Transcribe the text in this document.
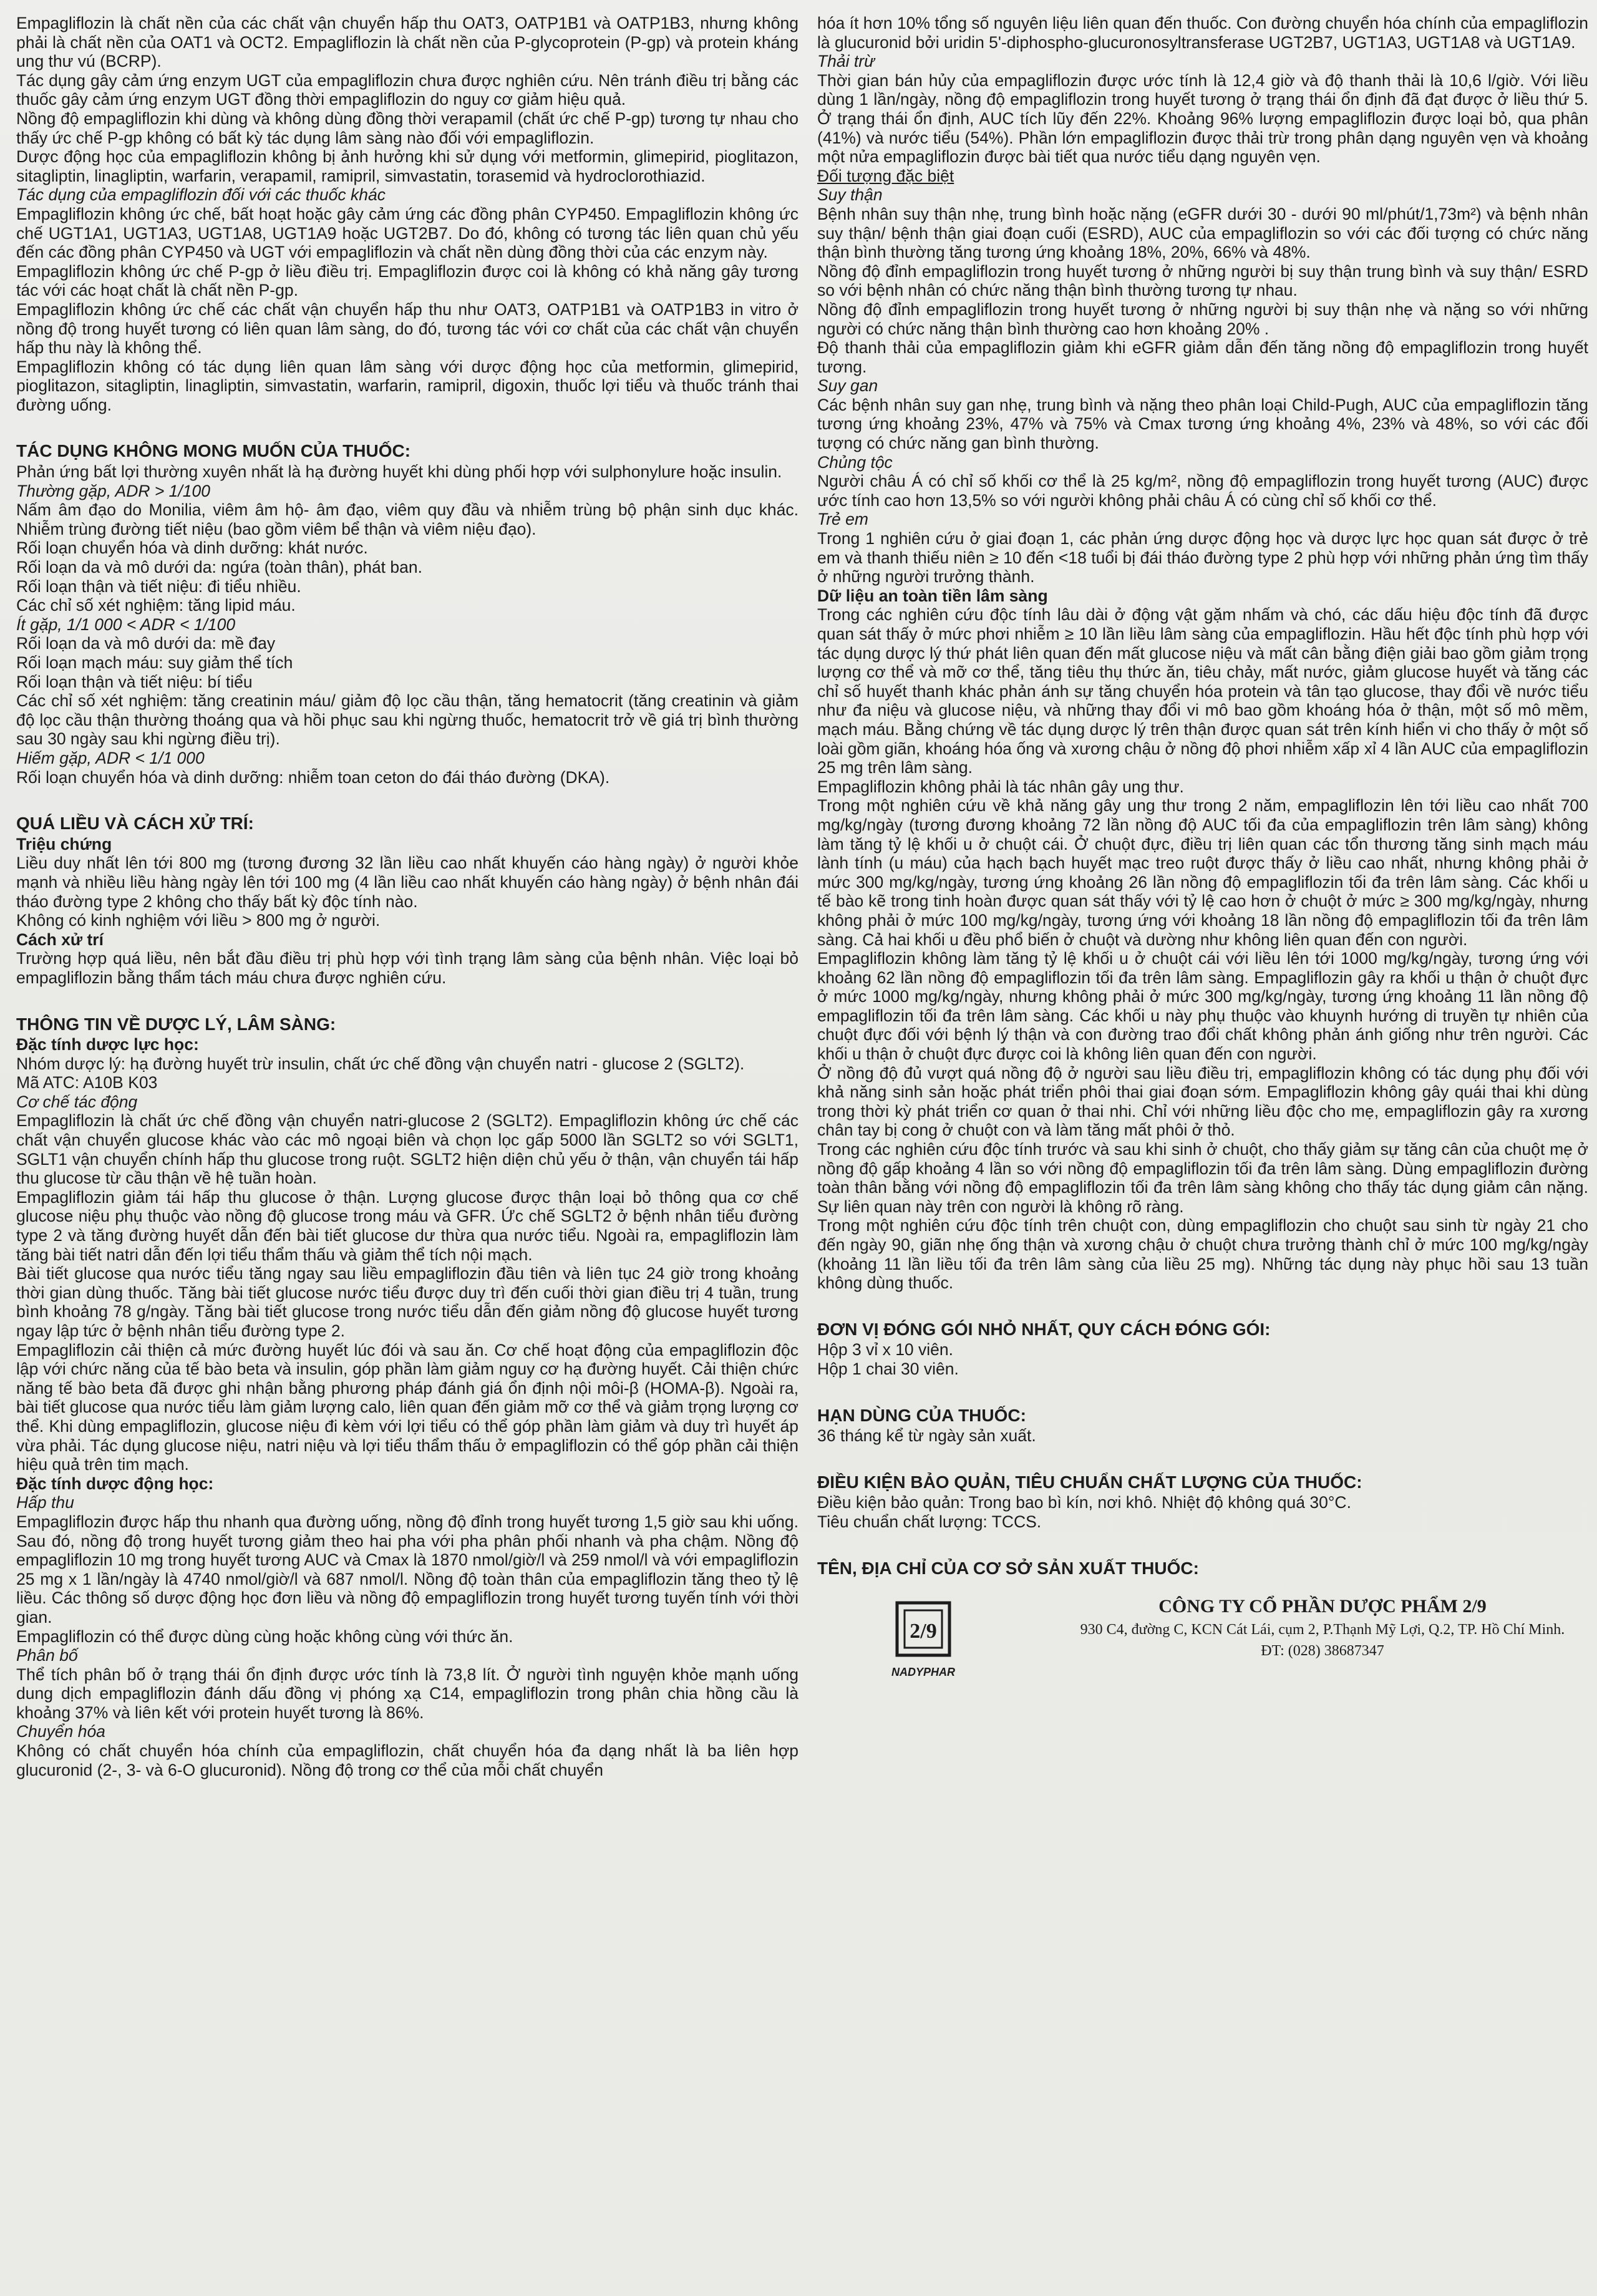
Empagliflozin là chất nền của các chất vận chuyển hấp thu OAT3, OATP1B1 và OATP1B3, nhưng không phải là chất nền của OAT1 và OCT2. Empagliflozin là chất nền của P-glycoprotein (P-gp) và protein kháng ung thư vú (BCRP).

Tác dụng gây cảm ứng enzym UGT của empagliflozin chưa được nghiên cứu. Nên tránh điều trị bằng các thuốc gây cảm ứng enzym UGT đồng thời empagliflozin do nguy cơ giảm hiệu quả.

Nồng độ empagliflozin khi dùng và không dùng đồng thời verapamil (chất ức chế P-gp) tương tự nhau cho thấy ức chế P-gp không có bất kỳ tác dụng lâm sàng nào đối với empagliflozin.

Dược động học của empagliflozin không bị ảnh hưởng khi sử dụng với metformin, glimepirid, pioglitazon, sitagliptin, linagliptin, warfarin, verapamil, ramipril, simvastatin, torasemid và hydroclorothiazid.

Tác dụng của empagliflozin đối với các thuốc khác

Empagliflozin không ức chế, bất hoạt hoặc gây cảm ứng các đồng phân CYP450. Empagliflozin không ức chế UGT1A1, UGT1A3, UGT1A8, UGT1A9 hoặc UGT2B7. Do đó, không có tương tác liên quan chủ yếu đến các đồng phân CYP450 và UGT với empagliflozin và chất nền dùng đồng thời của các enzym này.

Empagliflozin không ức chế P-gp ở liều điều trị. Empagliflozin được coi là không có khả năng gây tương tác với các hoạt chất là chất nền P-gp.

Empagliflozin không ức chế các chất vận chuyển hấp thu như OAT3, OATP1B1 và OATP1B3 in vitro ở nồng độ trong huyết tương có liên quan lâm sàng, do đó, tương tác với cơ chất của các chất vận chuyển hấp thu này là không thể.

Empagliflozin không có tác dụng liên quan lâm sàng với dược động học của metformin, glimepirid, pioglitazon, sitagliptin, linagliptin, simvastatin, warfarin, ramipril, digoxin, thuốc lợi tiểu và thuốc tránh thai đường uống.

TÁC DỤNG KHÔNG MONG MUỐN CỦA THUỐC:

Phản ứng bất lợi thường xuyên nhất là hạ đường huyết khi dùng phối hợp với sulphonylure hoặc insulin.

Thường gặp, ADR > 1/100

Nấm âm đạo do Monilia, viêm âm hộ- âm đạo, viêm quy đầu và nhiễm trùng bộ phận sinh dục khác. Nhiễm trùng đường tiết niệu (bao gồm viêm bể thận và viêm niệu đạo).

Rối loạn chuyển hóa và dinh dưỡng: khát nước.

Rối loạn da và mô dưới da: ngứa (toàn thân), phát ban.

Rối loạn thận và tiết niệu: đi tiểu nhiều.

Các chỉ số xét nghiệm: tăng lipid máu.

Ít gặp, 1/1 000 < ADR < 1/100

Rối loạn da và mô dưới da: mề đay

Rối loạn mạch máu: suy giảm thể tích

Rối loạn thận và tiết niệu: bí tiểu

Các chỉ số xét nghiệm: tăng creatinin máu/ giảm độ lọc cầu thận, tăng hematocrit (tăng creatinin và giảm độ lọc cầu thận thường thoáng qua và hồi phục sau khi ngừng thuốc, hematocrit trở về giá trị bình thường sau 30 ngày sau khi ngừng điều trị).

Hiếm gặp, ADR < 1/1 000

Rối loạn chuyển hóa và dinh dưỡng: nhiễm toan ceton do đái tháo đường (DKA).

QUÁ LIỀU VÀ CÁCH XỬ TRÍ:

Triệu chứng

Liều duy nhất lên tới 800 mg (tương đương 32 lần liều cao nhất khuyến cáo hàng ngày) ở người khỏe mạnh và nhiều liều hàng ngày lên tới 100 mg (4 lần liều cao nhất khuyến cáo hàng ngày) ở bệnh nhân đái tháo đường type 2 không cho thấy bất kỳ độc tính nào.

Không có kinh nghiệm với liều > 800 mg ở người.

Cách xử trí

Trường hợp quá liều, nên bắt đầu điều trị phù hợp với tình trạng lâm sàng của bệnh nhân. Việc loại bỏ empagliflozin bằng thẩm tách máu chưa được nghiên cứu.

THÔNG TIN VỀ DƯỢC LÝ, LÂM SÀNG:

Đặc tính dược lực học:

Nhóm dược lý: hạ đường huyết trừ insulin, chất ức chế đồng vận chuyển natri - glucose 2 (SGLT2).

Mã ATC: A10B K03

Cơ chế tác động

Empagliflozin là chất ức chế đồng vận chuyển natri-glucose 2 (SGLT2). Empagliflozin không ức chế các chất vận chuyển glucose khác vào các mô ngoại biên và chọn lọc gấp 5000 lần SGLT2 so với SGLT1, SGLT1 vận chuyển chính hấp thu glucose trong ruột. SGLT2 hiện diện chủ yếu ở thận, vận chuyển tái hấp thu glucose từ cầu thận về hệ tuần hoàn.

Empagliflozin giảm tái hấp thu glucose ở thận. Lượng glucose được thận loại bỏ thông qua cơ chế glucose niệu phụ thuộc vào nồng độ glucose trong máu và GFR. Ức chế SGLT2 ở bệnh nhân tiểu đường type 2 và tăng đường huyết dẫn đến bài tiết glucose dư thừa qua nước tiểu. Ngoài ra, empagliflozin làm tăng bài tiết natri dẫn đến lợi tiểu thẩm thấu và giảm thể tích nội mạch.

Bài tiết glucose qua nước tiểu tăng ngay sau liều empagliflozin đầu tiên và liên tục 24 giờ trong khoảng thời gian dùng thuốc. Tăng bài tiết glucose nước tiểu được duy trì đến cuối thời gian điều trị 4 tuần, trung bình khoảng 78 g/ngày. Tăng bài tiết glucose trong nước tiểu dẫn đến giảm nồng độ glucose huyết tương ngay lập tức ở bệnh nhân tiểu đường type 2.

Empagliflozin cải thiện cả mức đường huyết lúc đói và sau ăn. Cơ chế hoạt động của empagliflozin độc lập với chức năng của tế bào beta và insulin, góp phần làm giảm nguy cơ hạ đường huyết. Cải thiện chức năng tế bào beta đã được ghi nhận bằng phương pháp đánh giá ổn định nội môi-β (HOMA-β). Ngoài ra, bài tiết glucose qua nước tiểu làm giảm lượng calo, liên quan đến giảm mỡ cơ thể và giảm trọng lượng cơ thể. Khi dùng empagliflozin, glucose niệu đi kèm với lợi tiểu có thể góp phần làm giảm và duy trì huyết áp vừa phải. Tác dụng glucose niệu, natri niệu và lợi tiểu thẩm thấu ở empagliflozin có thể góp phần cải thiện hiệu quả trên tim mạch.

Đặc tính dược động học:

Hấp thu

Empagliflozin được hấp thu nhanh qua đường uống, nồng độ đỉnh trong huyết tương 1,5 giờ sau khi uống. Sau đó, nồng độ trong huyết tương giảm theo hai pha với pha phân phối nhanh và pha chậm. Nồng độ empagliflozin 10 mg trong huyết tương AUC và Cmax là 1870 nmol/giờ/l và 259 nmol/l và với empagliflozin 25 mg x 1 lần/ngày là 4740 nmol/giờ/l và 687 nmol/l. Nồng độ toàn thân của empagliflozin tăng theo tỷ lệ liều. Các thông số dược động học đơn liều và nồng độ empagliflozin trong huyết tương tuyến tính với thời gian.

Empagliflozin có thể được dùng cùng hoặc không cùng với thức ăn.

Phân bố

Thể tích phân bố ở trạng thái ổn định được ước tính là 73,8 lít. Ở người tình nguyện khỏe mạnh uống dung dịch empagliflozin đánh dấu đồng vị phóng xạ C14, empagliflozin trong phân chia hồng cầu là khoảng 37% và liên kết với protein huyết tương là 86%.

Chuyển hóa

Không có chất chuyển hóa chính của empagliflozin, chất chuyển hóa đa dạng nhất là ba liên hợp glucuronid (2-, 3- và 6-O glucuronid). Nồng độ trong cơ thể của mỗi chất chuyển

hóa ít hơn 10% tổng số nguyên liệu liên quan đến thuốc. Con đường chuyển hóa chính của empagliflozin là glucuronid bởi uridin 5'-diphospho-glucuronosyltransferase UGT2B7, UGT1A3, UGT1A8 và UGT1A9.

Thải trừ

Thời gian bán hủy của empagliflozin được ước tính là 12,4 giờ và độ thanh thải là 10,6 l/giờ. Với liều dùng 1 lần/ngày, nồng độ empagliflozin trong huyết tương ở trạng thái ổn định đã đạt được ở liều thứ 5. Ở trạng thái ổn định, AUC tích lũy đến 22%. Khoảng 96% lượng empagliflozin được loại bỏ, qua phân (41%) và nước tiểu (54%). Phần lớn empagliflozin được thải trừ trong phân dạng nguyên vẹn và khoảng một nửa empagliflozin được bài tiết qua nước tiểu dạng nguyên vẹn.

Đối tượng đặc biệt

Suy thận

Bệnh nhân suy thận nhẹ, trung bình hoặc nặng (eGFR dưới 30 - dưới 90 ml/phút/1,73m²) và bệnh nhân suy thận/ bệnh thận giai đoạn cuối (ESRD), AUC của empagliflozin so với các đối tượng có chức năng thận bình thường tăng tương ứng khoảng 18%, 20%, 66% và 48%.

Nồng độ đỉnh empagliflozin trong huyết tương ở những người bị suy thận trung bình và suy thận/ ESRD so với bệnh nhân có chức năng thận bình thường tương tự nhau.

Nồng độ đỉnh empagliflozin trong huyết tương ở những người bị suy thận nhẹ và nặng so với những người có chức năng thận bình thường cao hơn khoảng 20% .

Độ thanh thải của empagliflozin giảm khi eGFR giảm dẫn đến tăng nồng độ empagliflozin trong huyết tương.

Suy gan

Các bệnh nhân suy gan nhẹ, trung bình và nặng theo phân loại Child-Pugh, AUC của empagliflozin tăng tương ứng khoảng 23%, 47% và 75% và Cmax tương ứng khoảng 4%, 23% và 48%, so với các đối tượng có chức năng gan bình thường.

Chủng tộc

Người châu Á có chỉ số khối cơ thể là 25 kg/m², nồng độ empagliflozin trong huyết tương (AUC) được ước tính cao hơn 13,5% so với người không phải châu Á có cùng chỉ số khối cơ thể.

Trẻ em

Trong 1 nghiên cứu ở giai đoạn 1, các phản ứng dược động học và dược lực học quan sát được ở trẻ em và thanh thiếu niên ≥ 10 đến <18 tuổi bị đái tháo đường type 2 phù hợp với những phản ứng tìm thấy ở những người trưởng thành.

Dữ liệu an toàn tiền lâm sàng

Trong các nghiên cứu độc tính lâu dài ở động vật gặm nhấm và chó, các dấu hiệu độc tính đã được quan sát thấy ở mức phơi nhiễm ≥ 10 lần liều lâm sàng của empagliflozin. Hầu hết độc tính phù hợp với tác dụng dược lý thứ phát liên quan đến mất glucose niệu và mất cân bằng điện giải bao gồm giảm trọng lượng cơ thể và mỡ cơ thể, tăng tiêu thụ thức ăn, tiêu chảy, mất nước, giảm glucose huyết và tăng các chỉ số huyết thanh khác phản ánh sự tăng chuyển hóa protein và tân tạo glucose, thay đổi về nước tiểu như đa niệu và glucose niệu, và những thay đổi vi mô bao gồm khoáng hóa ở thận, một số mô mềm, mạch máu. Bằng chứng về tác dụng dược lý trên thận được quan sát trên kính hiển vi cho thấy ở một số loài gồm giãn, khoáng hóa ống và xương chậu ở nồng độ phơi nhiễm xấp xỉ 4 lần AUC của empagliflozin 25 mg trên lâm sàng.

Empagliflozin không phải là tác nhân gây ung thư.

Trong một nghiên cứu về khả năng gây ung thư trong 2 năm, empagliflozin lên tới liều cao nhất 700 mg/kg/ngày (tương đương khoảng 72 lần nồng độ AUC tối đa của empagliflozin trên lâm sàng) không làm tăng tỷ lệ khối u ở chuột cái. Ở chuột đực, điều trị liên quan các tổn thương tăng sinh mạch máu lành tính (u máu) của hạch bạch huyết mạc treo ruột được thấy ở liều cao nhất, nhưng không phải ở mức 300 mg/kg/ngày, tương ứng khoảng 26 lần nồng độ empagliflozin tối đa trên lâm sàng. Các khối u tế bào kẽ trong tinh hoàn được quan sát thấy với tỷ lệ cao hơn ở chuột ở mức ≥ 300 mg/kg/ngày, nhưng không phải ở mức 100 mg/kg/ngày, tương ứng với khoảng 18 lần nồng độ empagliflozin tối đa trên lâm sàng. Cả hai khối u đều phổ biến ở chuột và dường như không liên quan đến con người.

Empagliflozin không làm tăng tỷ lệ khối u ở chuột cái với liều lên tới 1000 mg/kg/ngày, tương ứng với khoảng 62 lần nồng độ empagliflozin tối đa trên lâm sàng. Empagliflozin gây ra khối u thận ở chuột đực ở mức 1000 mg/kg/ngày, nhưng không phải ở mức 300 mg/kg/ngày, tương ứng khoảng 11 lần nồng độ empagliflozin tối đa trên lâm sàng. Các khối u này phụ thuộc vào khuynh hướng di truyền tự nhiên của chuột đực đối với bệnh lý thận và con đường trao đổi chất không phản ánh giống như trên người. Các khối u thận ở chuột đực được coi là không liên quan đến con người.

Ở nồng độ đủ vượt quá nồng độ ở người sau liều điều trị, empagliflozin không có tác dụng phụ đối với khả năng sinh sản hoặc phát triển phôi thai giai đoạn sớm. Empagliflozin không gây quái thai khi dùng trong thời kỳ phát triển cơ quan ở thai nhi. Chỉ với những liều độc cho mẹ, empagliflozin gây ra xương chân tay bị cong ở chuột con và làm tăng mất phôi ở thỏ.

Trong các nghiên cứu độc tính trước và sau khi sinh ở chuột, cho thấy giảm sự tăng cân của chuột mẹ ở nồng độ gấp khoảng 4 lần so với nồng độ empagliflozin tối đa trên lâm sàng. Dùng empagliflozin đường toàn thân bằng với nồng độ empagliflozin tối đa trên lâm sàng không cho thấy tác dụng giảm cân nặng. Sự liên quan này trên con người là không rõ ràng.

Trong một nghiên cứu độc tính trên chuột con, dùng empagliflozin cho chuột sau sinh từ ngày 21 cho đến ngày 90, giãn nhẹ ống thận và xương chậu ở chuột chưa trưởng thành chỉ ở mức 100 mg/kg/ngày (khoảng 11 lần liều tối đa trên lâm sàng của liều 25 mg). Những tác dụng này phục hồi sau 13 tuần không dùng thuốc.

ĐƠN VỊ ĐÓNG GÓI NHỎ NHẤT, QUY CÁCH ĐÓNG GÓI:

Hộp 3 vỉ x 10 viên.

Hộp 1 chai 30 viên.

HẠN DÙNG CỦA THUỐC:

36 tháng kể từ ngày sản xuất.

ĐIỀU KIỆN BẢO QUẢN, TIÊU CHUẨN CHẤT LƯỢNG CỦA THUỐC:

Điều kiện bảo quản: Trong bao bì kín, nơi khô. Nhiệt độ không quá 30°C.

Tiêu chuẩn chất lượng: TCCS.

TÊN, ĐỊA CHỈ CỦA CƠ SỞ SẢN XUẤT THUỐC:

2/9
NADYPHAR

CÔNG TY CỔ PHẦN DƯỢC PHẨM 2/9

930 C4, đường C, KCN Cát Lái, cụm 2, P.Thạnh Mỹ Lợi, Q.2, TP. Hồ Chí Minh.

ĐT: (028) 38687347
